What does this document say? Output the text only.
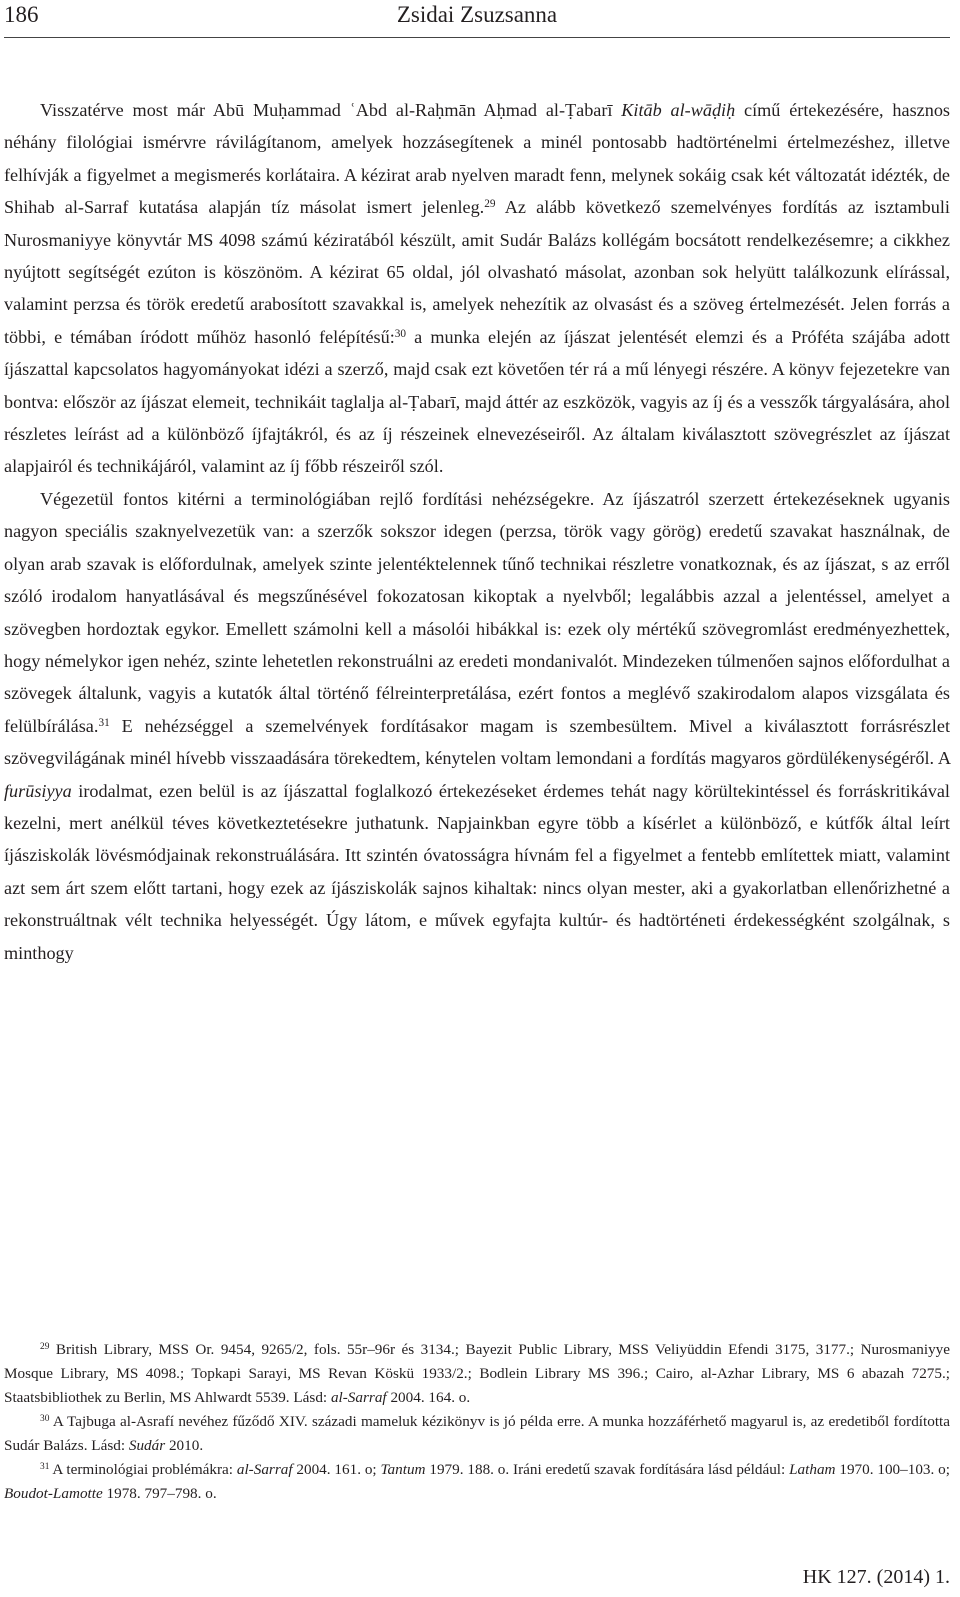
186	Zsidai Zsuzsanna

Visszatérve most már Abū Muḥammad ʿAbd al-Raḥmān Aḥmad al-Ṭabarī Kitāb al-wāḍiḥ című értekezésére, hasznos néhány filológiai ismérvre rávilágítanom, amelyek hozzásegítenek a minél pontosabb hadtörténelmi értelmezéshez, illetve felhívják a figyelmet a megismerés korlátaira. A kézirat arab nyelven maradt fenn, melynek sokáig csak két változatát idézték, de Shihab al-Sarraf kutatása alapján tíz másolat ismert jelenleg.$^{29}$ Az alább következő szemelvényes fordítás az isztambuli Nurosmaniyye könyvtár MS 4098 számú kéziratából készült, amit Sudár Balázs kollégám bocsátott rendelkezésemre; a cikkhez nyújtott segítségét ezúton is köszönöm. A kézirat 65 oldal, jól olvasható másolat, azonban sok helyütt találkozunk elírással, valamint perzsa és török eredetű arabosított szavakkal is, amelyek nehezítik az olvasást és a szöveg értelmezését. Jelen forrás a többi, e témában íródott műhöz hasonló felépítésű:$^{30}$ a munka elején az íjászat jelentését elemzi és a Próféta szájába adott íjászattal kapcsolatos hagyományokat idézi a szerző, majd csak ezt követően tér rá a mű lényegi részére. A könyv fejezetekre van bontva: először az íjászat elemeit, technikáit taglalja al-Ṭabarī, majd áttér az eszközök, vagyis az íj és a vesszők tárgyalására, ahol részletes leírást ad a különböző íjfajtákról, és az íj részeinek elnevezéseiről. Az általam kiválasztott szövegrészlet az íjászat alapjairól és technikájáról, valamint az íj főbb részeiről szól.

Végezetül fontos kitérni a terminológiában rejlő fordítási nehézségekre. Az íjászatról szerzett értekezéseknek ugyanis nagyon speciális szaknyelvezetük van: a szerzők sokszor idegen (perzsa, török vagy görög) eredetű szavakat használnak, de olyan arab szavak is előfordulnak, amelyek szinte jelentéktelennek tűnő technikai részletre vonatkoznak, és az íjászat, s az erről szóló irodalom hanyatlásával és megszűnésével fokozatosan kikoptak a nyelvből; legalábbis azzal a jelentéssel, amelyet a szövegben hordoztak egykor. Emellett számolni kell a másolói hibákkal is: ezek oly mértékű szövegromlást eredményezhettek, hogy némelykor igen nehéz, szinte lehetetlen rekonstruálni az eredeti mondanivalót. Mindezeken túlmenően sajnos előfordulhat a szövegek általunk, vagyis a kutatók által történő félreinterpretálása, ezért fontos a meglévő szakirodalom alapos vizsgálata és felülbírálása.$^{31}$ E nehézséggel a szemelvények fordításakor magam is szembesültem. Mivel a kiválasztott forrásrészlet szövegvilágának minél hívebb visszaadására törekedtem, kénytelen voltam lemondani a fordítás magyaros gördülékenységéről. A furūsiyya irodalmat, ezen belül is az íjászattal foglalkozó értekezéseket érdemes tehát nagy körültekintéssel és forráskritikával kezelni, mert anélkül téves következtetésekre juthatunk. Napjainkban egyre több a kísérlet a különböző, e kútfők által leírt íjásziskolák lövésmódjainak rekonstruálására. Itt szintén óvatosságra hívnám fel a figyelmet a fentebb említettek miatt, valamint azt sem árt szem előtt tartani, hogy ezek az íjásziskolák sajnos kihaltak: nincs olyan mester, aki a gyakorlatban ellenőrizhetné a rekonstruáltnak vélt technika helyességét. Úgy látom, e művek egyfajta kultúr- és hadtörténeti érdekességként szolgálnak, s minthogy

$^{29}$ British Library, MSS Or. 9454, 9265/2, fols. 55r–96r és 3134.; Bayezit Public Library, MSS Veliyüddin Efendi 3175, 3177.; Nurosmaniyye Mosque Library, MS 4098.; Topkapi Sarayi, MS Revan Köskü 1933/2.; Bodlein Library MS 396.; Cairo, al-Azhar Library, MS 6 abazah 7275.; Staatsbibliothek zu Berlin, MS Ahlwardt 5539. Lásd: al-Sarraf 2004. 164. o.

$^{30}$ A Tajbuga al-Asrafí nevéhez fűződő XIV. századi mameluk kézikönyv is jó példa erre. A munka hozzáférhető magyarul is, az eredetiből fordította Sudár Balázs. Lásd: Sudár 2010.

$^{31}$ A terminológiai problémákra: al-Sarraf 2004. 161. o; Tantum 1979. 188. o. Iráni eredetű szavak fordítására lásd például: Latham 1970. 100–103. o; Boudot-Lamotte 1978. 797–798. o.

HK 127. (2014) 1.
